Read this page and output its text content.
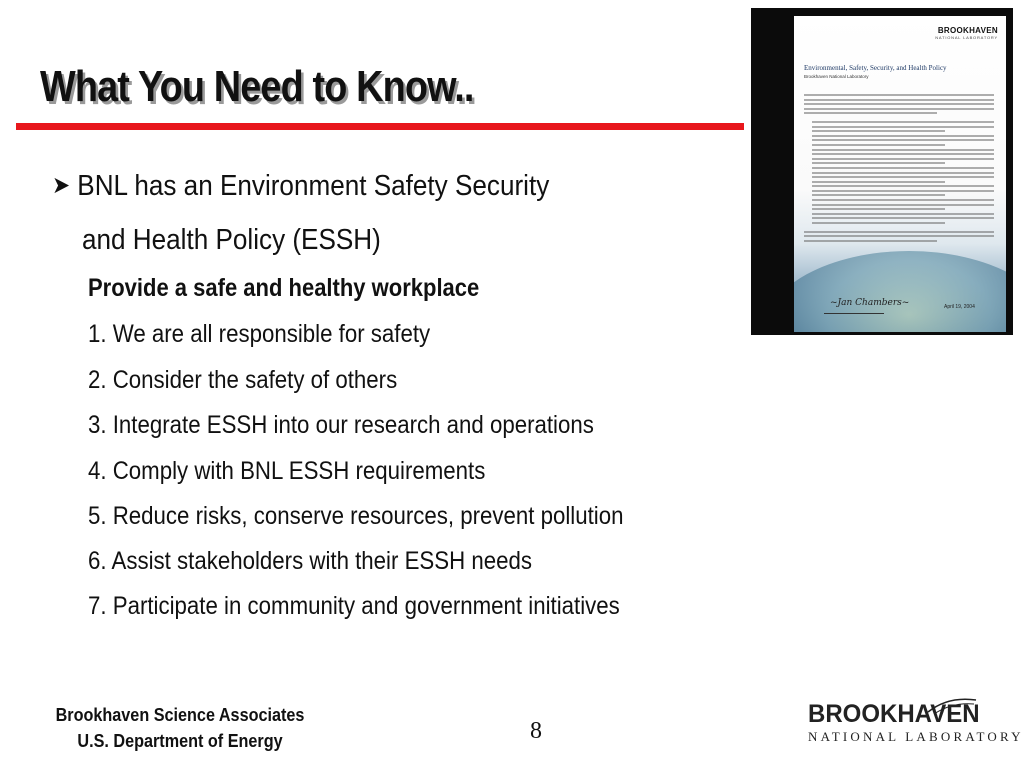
What You Need to Know..
➤ BNL has an Environment Safety Security
and Health Policy (ESSH)
Provide a safe and healthy workplace
1. We are all responsible for safety
2. Consider the safety of others
3. Integrate ESSH into our research and operations
4. Comply with BNL ESSH requirements
5. Reduce risks, conserve resources, prevent pollution
6. Assist stakeholders with their ESSH needs
7. Participate in community and government initiatives
BROOKHAVEN
NATIONAL LABORATORY
Environmental, Safety, Security, and Health Policy
Brookhaven National Laboratory
~Jan Chambers~	April 19, 2004
Brookhaven Science Associates
U.S. Department of Energy	8
BROOKHAVEN
NATIONAL LABORATORY
